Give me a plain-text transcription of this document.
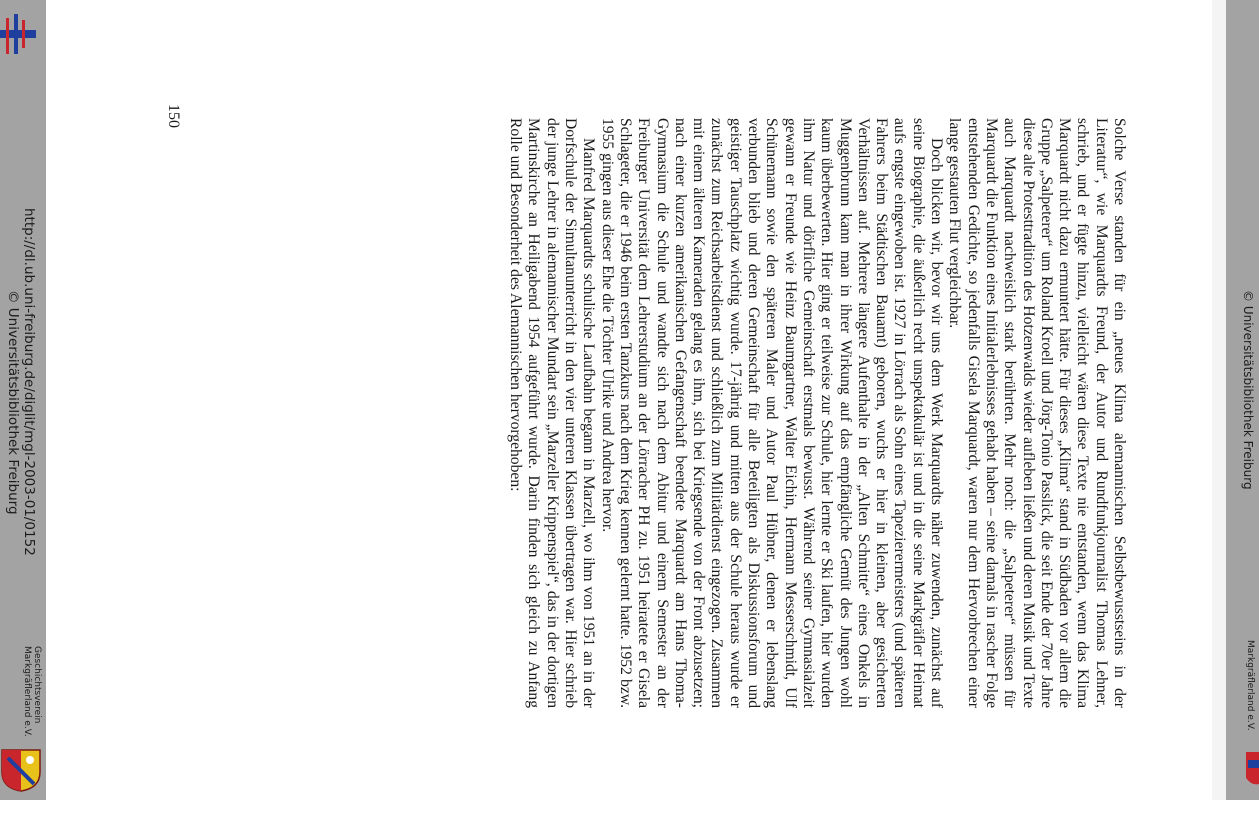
http://dl.ub.uni-freiburg.de/diglit/mgl-2003-01/0152
© Universitätsbibliothek Freiburg
Geschichtsverein
Markgräflerland e.V.
© Universitätsbibliothek Freiburg
Markgräflerland e.V.

Solche Verse standen für ein „neues Klima alemannischen Selbstbewusstseins in der Literatur“, wie Marquardts Freund, der Autor und Rundfunkjournalist Thomas Lehner, schrieb, und er fügte hinzu, vielleicht wären diese Texte nie entstanden, wenn das Klima Marquardt nicht dazu ermuntert hätte. Für dieses „Klima“ stand in Südbaden vor allem die Gruppe „Salpeterer“ um Roland Kroell und Jörg-Tonio Passlick, die seit Ende der 70er Jahre diese alte Protesttradition des Hotzenwalds wieder aufleben ließen und deren Musik und Texte auch Marquardt nachweislich stark berührten. Mehr noch: die „Salpeterer“ müssen für Marquardt die Funktion eines Initialerlebnisses gehabt haben – seine damals in rascher Folge entstehenden Gedichte, so jedenfalls Gisela Marquardt, waren nur dem Hervorbrechen einer lange gestauten Flut vergleichbar.

Doch blicken wir, bevor wir uns dem Werk Marquardts näher zuwenden, zunächst auf seine Biographie, die äußerlich recht unspektakulär ist und in die seine Markgräfler Heimat aufs engste eingewoben ist. 1927 in Lörrach als Sohn eines Tapezierermeisters (und späteren Fahrers beim Städtischen Bauamt) geboren, wuchs er hier in kleinen, aber gesicherten Verhältnissen auf. Mehrere längere Aufenthalte in der „Alten Schmitte“ eines Onkels in Muggenbrunn kann man in ihrer Wirkung auf das empfängliche Gemüt des Jungen wohl kaum überbewerten. Hier ging er teilweise zur Schule, hier lernte er Ski laufen, hier wurden ihm Natur und dörfliche Gemeinschaft erstmals bewusst. Während seiner Gymnasialzeit gewann er Freunde wie Heinz Baumgartner, Walter Eichin, Hermann Messerschmidt, Ulf Schünemann sowie den späteren Maler und Autor Paul Hübner, denen er lebenslang verbunden blieb und deren Gemeinschaft für alle Beteiligten als Diskussionsforum und geistiger Tauschplatz wichtig wurde. 17-jährig und mitten aus der Schule heraus wurde er zunächst zum Reichsarbeitsdienst und schließlich zum Militärdienst eingezogen. Zusammen mit einem älteren Kameraden gelang es ihm, sich bei Kriegsende von der Front abzusetzen; nach einer kurzen amerikanischen Gefangenschaft beendete Marquardt am Hans Thoma-Gymnasium die Schule und wandte sich nach dem Abitur und einem Semester an der Freiburger Universität dem Lehrerstudium an der Lörracher PH zu. 1951 heiratete er Gisela Schlageter, die er 1946 beim ersten Tanzkurs nach dem Krieg kennen gelernt hatte. 1952 bzw. 1955 gingen aus dieser Ehe die Töchter Ulrike und Andrea hervor.

Manfred Marquardts schulische Laufbahn begann in Marzell, wo ihm von 1951 an in der Dorfschule der Simultanunterricht in den vier unteren Klassen übertragen war. Hier schrieb der junge Lehrer in alemannischer Mundart sein „Marzeller Krippenspiel“, das in der dortigen Martinskirche an Heiligabend 1954 aufgeführt wurde. Darin finden sich gleich zu Anfang Rolle und Besonderheit des Alemannischen hervorgehoben:

150
